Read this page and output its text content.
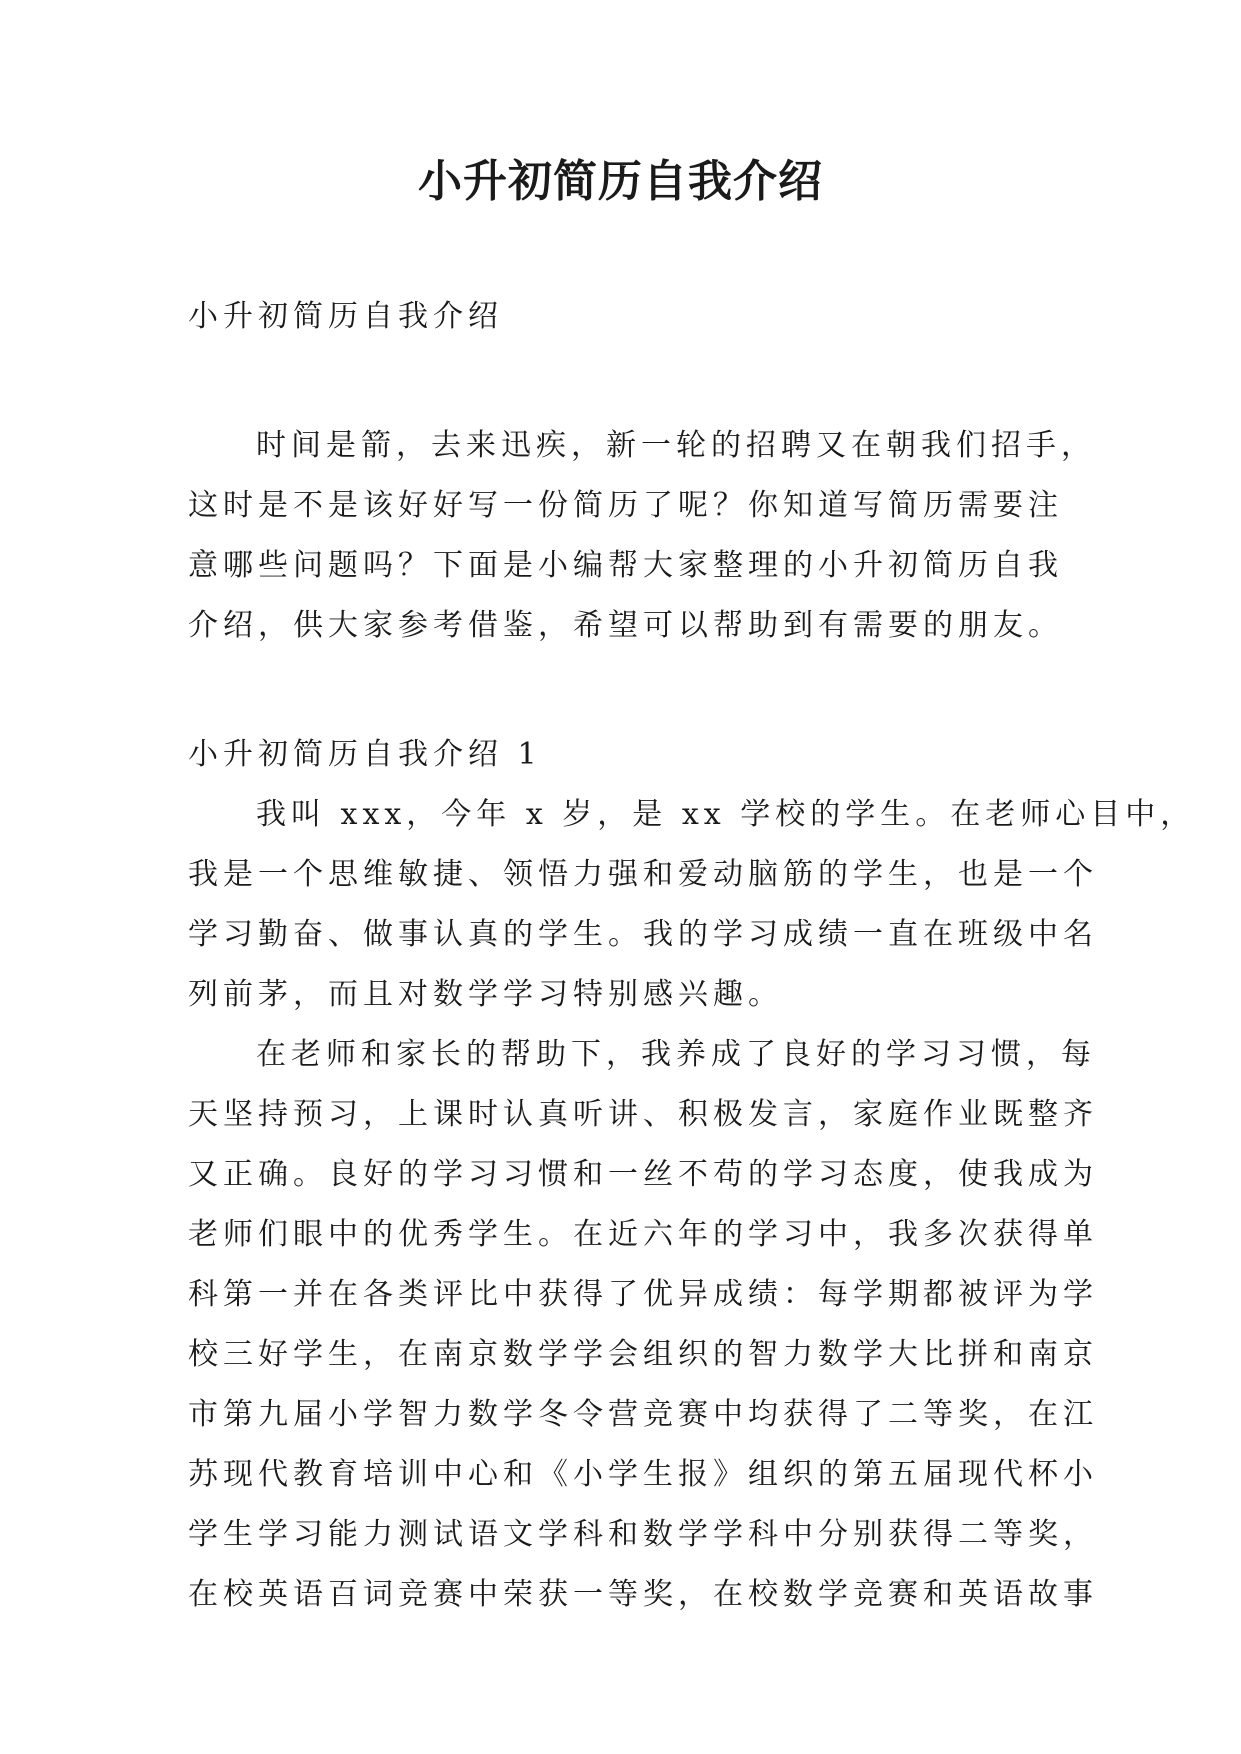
小升初简历自我介绍
小升初简历自我介绍
时间是箭，去来迅疾，新一轮的招聘又在朝我们招手，
这时是不是该好好写一份简历了呢？你知道写简历需要注
意哪些问题吗？下面是小编帮大家整理的小升初简历自我
介绍，供大家参考借鉴，希望可以帮助到有需要的朋友。
小升初简历自我介绍 1
我叫 xxx，今年 x 岁，是 xx 学校的学生。在老师心目中，
我是一个思维敏捷、领悟力强和爱动脑筋的学生，也是一个
学习勤奋、做事认真的学生。我的学习成绩一直在班级中名
列前茅，而且对数学学习特别感兴趣。
在老师和家长的帮助下，我养成了良好的学习习惯，每
天坚持预习，上课时认真听讲、积极发言，家庭作业既整齐
又正确。良好的学习习惯和一丝不苟的学习态度，使我成为
老师们眼中的优秀学生。在近六年的学习中，我多次获得单
科第一并在各类评比中获得了优异成绩：每学期都被评为学
校三好学生，在南京数学学会组织的智力数学大比拼和南京
市第九届小学智力数学冬令营竞赛中均获得了二等奖，在江
苏现代教育培训中心和《小学生报》组织的第五届现代杯小
学生学习能力测试语文学科和数学学科中分别获得二等奖，
在校英语百词竞赛中荣获一等奖，在校数学竞赛和英语故事
